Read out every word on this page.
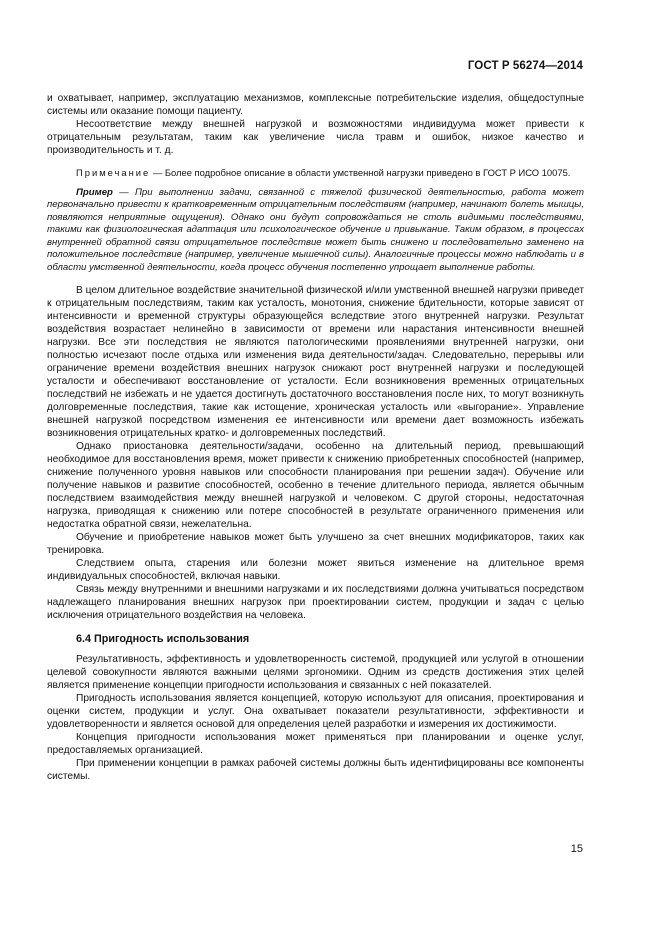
ГОСТ Р 56274—2014

и охватывает, например, эксплуатацию механизмов, комплексные потребительские изделия, общедоступные системы или оказание помощи пациенту.

Несоответствие между внешней нагрузкой и возможностями индивидуума может привести к отрицательным результатам, таким как увеличение числа травм и ошибок, низкое качество и производительность и т. д.

Примечание — Более подробное описание в области умственной нагрузки приведено в ГОСТ Р ИСО 10075.

Пример — При выполнении задачи, связанной с тяжелой физической деятельностью, работа может первоначально привести к кратковременным отрицательным последствиям (например, начинают болеть мышцы, появляются неприятные ощущения). Однако они будут сопровождаться не столь видимыми последствиями, такими как физиологическая адаптация или психологическое обучение и привыкание. Таким образом, в процессах внутренней обратной связи отрицательное последствие может быть снижено и последовательно заменено на положительное последствие (например, увеличение мышечной силы). Аналогичные процессы можно наблюдать и в области умственной деятельности, когда процесс обучения постепенно упрощает выполнение работы.

В целом длительное воздействие значительной физической и/или умственной внешней нагрузки приведет к отрицательным последствиям, таким как усталость, монотония, снижение бдительности, которые зависят от интенсивности и временной структуры образующейся вследствие этого внутренней нагрузки. Результат воздействия возрастает нелинейно в зависимости от времени или нарастания интенсивности внешней нагрузки. Все эти последствия не являются патологическими проявлениями внутренней нагрузки, они полностью исчезают после отдыха или изменения вида деятельности/задач. Следовательно, перерывы или ограничение времени воздействия внешних нагрузок снижают рост внутренней нагрузки и последующей усталости и обеспечивают восстановление от усталости. Если возникновения временных отрицательных последствий не избежать и не удается достигнуть достаточного восстановления после них, то могут возникнуть долговременные последствия, такие как истощение, хроническая усталость или «выгорание». Управление внешней нагрузкой посредством изменения ее интенсивности или времени дает возможность избежать возникновения отрицательных кратко- и долговременных последствий.

Однако приостановка деятельности/задачи, особенно на длительный период, превышающий необходимое для восстановления время, может привести к снижению приобретенных способностей (например, снижение полученного уровня навыков или способности планирования при решении задач). Обучение или получение навыков и развитие способностей, особенно в течение длительного периода, является обычным последствием взаимодействия между внешней нагрузкой и человеком. С другой стороны, недостаточная нагрузка, приводящая к снижению или потере способностей в результате ограниченного применения или недостатка обратной связи, нежелательна.

Обучение и приобретение навыков может быть улучшено за счет внешних модификаторов, таких как тренировка.

Следствием опыта, старения или болезни может явиться изменение на длительное время индивидуальных способностей, включая навыки.

Связь между внутренними и внешними нагрузками и их последствиями должна учитываться посредством надлежащего планирования внешних нагрузок при проектировании систем, продукции и задач с целью исключения отрицательного воздействия на человека.

6.4 Пригодность использования

Результативность, эффективность и удовлетворенность системой, продукцией или услугой в отношении целевой совокупности являются важными целями эргономики. Одним из средств достижения этих целей является применение концепции пригодности использования и связанных с ней показателей.

Пригодность использования является концепцией, которую используют для описания, проектирования и оценки систем, продукции и услуг. Она охватывает показатели результативности, эффективности и удовлетворенности и является основой для определения целей разработки и измерения их достижимости.

Концепция пригодности использования может применяться при планировании и оценке услуг, предоставляемых организацией.

При применении концепции в рамках рабочей системы должны быть идентифицированы все компоненты системы.

15
